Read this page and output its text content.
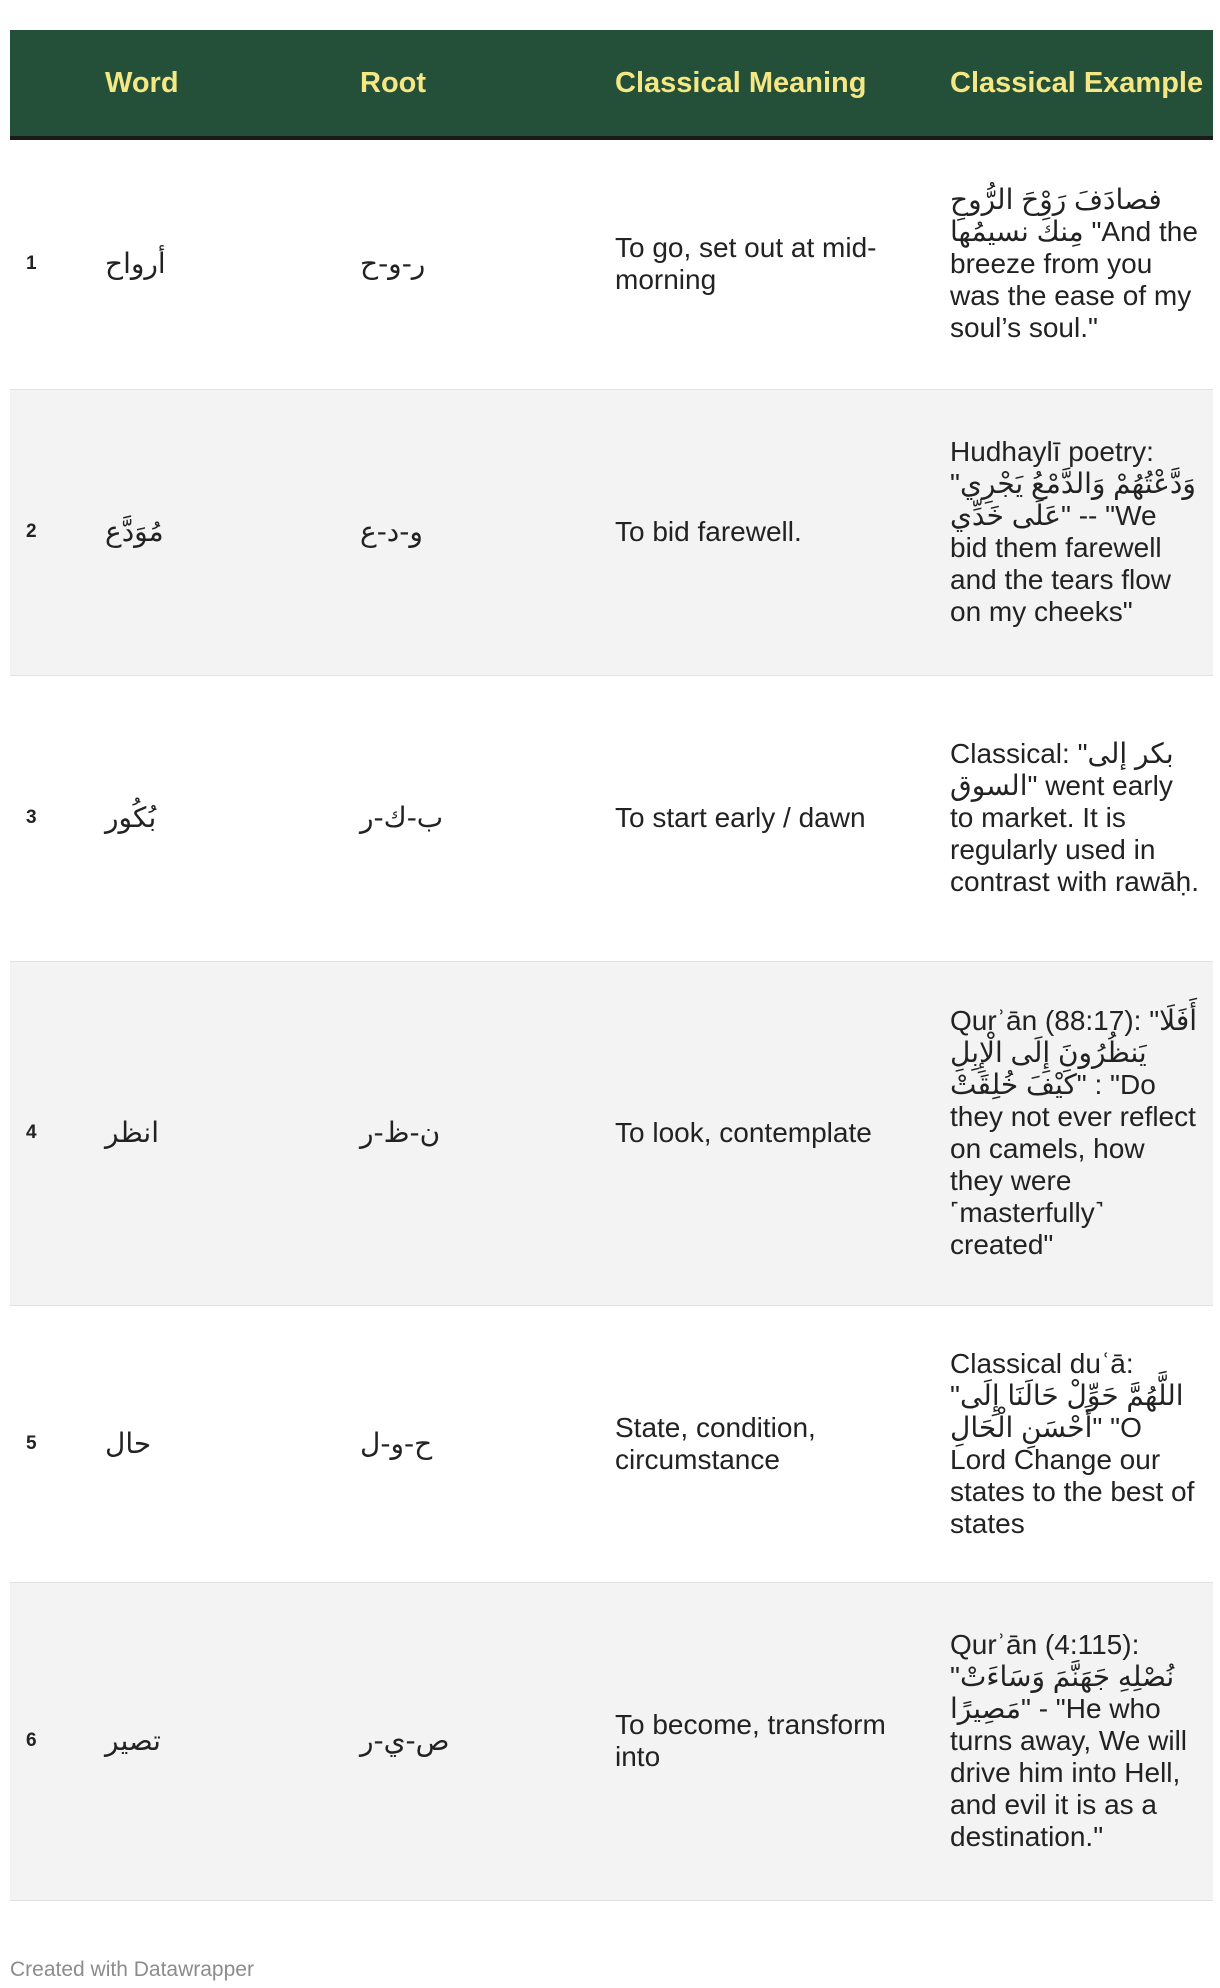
	Word	Root	Classical Meaning	Classical Example
1	أرواح	ر-و-ح	To go, set out at mid-morning	فصادَفَ رَوْحَ الرُّوحِ مِنكَ نسيمُها "And the breeze from you was the ease of my soul’s soul."
2	مُوَدَّع	و-د-ع	To bid farewell.	Hudhaylī poetry: "وَدَّعْتُهُمْ وَالدَّمْعُ يَجْرِي عَلَى خَدِّي" -- "We bid them farewell and the tears flow on my cheeks"
3	بُكُور	ب-ك-ر	To start early / dawn	Classical: "بكر إلى السوق" went early to market. It is regularly used in contrast with rawāḥ.
4	انظر	ن-ظ-ر	To look, contemplate	Qurʾān (88:17): "أَفَلَا يَنظُرُونَ إِلَى الْإِبِلِ كَيْفَ خُلِقَتْ" : "Do they not ever reflect on camels, how they were ˹masterfully˺ created"
5	حال	ح-و-ل	State, condition, circumstance	Classical duʿā: "اللَّهُمَّ حَوِّلْ حَالَنَا إِلَى أَحْسَنِ الْحَالِ" "O Lord Change our states to the best of states
6	تصير	ص-ي-ر	To become, transform into	Qurʾān (4:115): "نُصْلِهِ جَهَنَّمَ وَسَاءَتْ مَصِيرًا" - "He who turns away, We will drive him into Hell, and evil it is as a destination."
Created with Datawrapper
